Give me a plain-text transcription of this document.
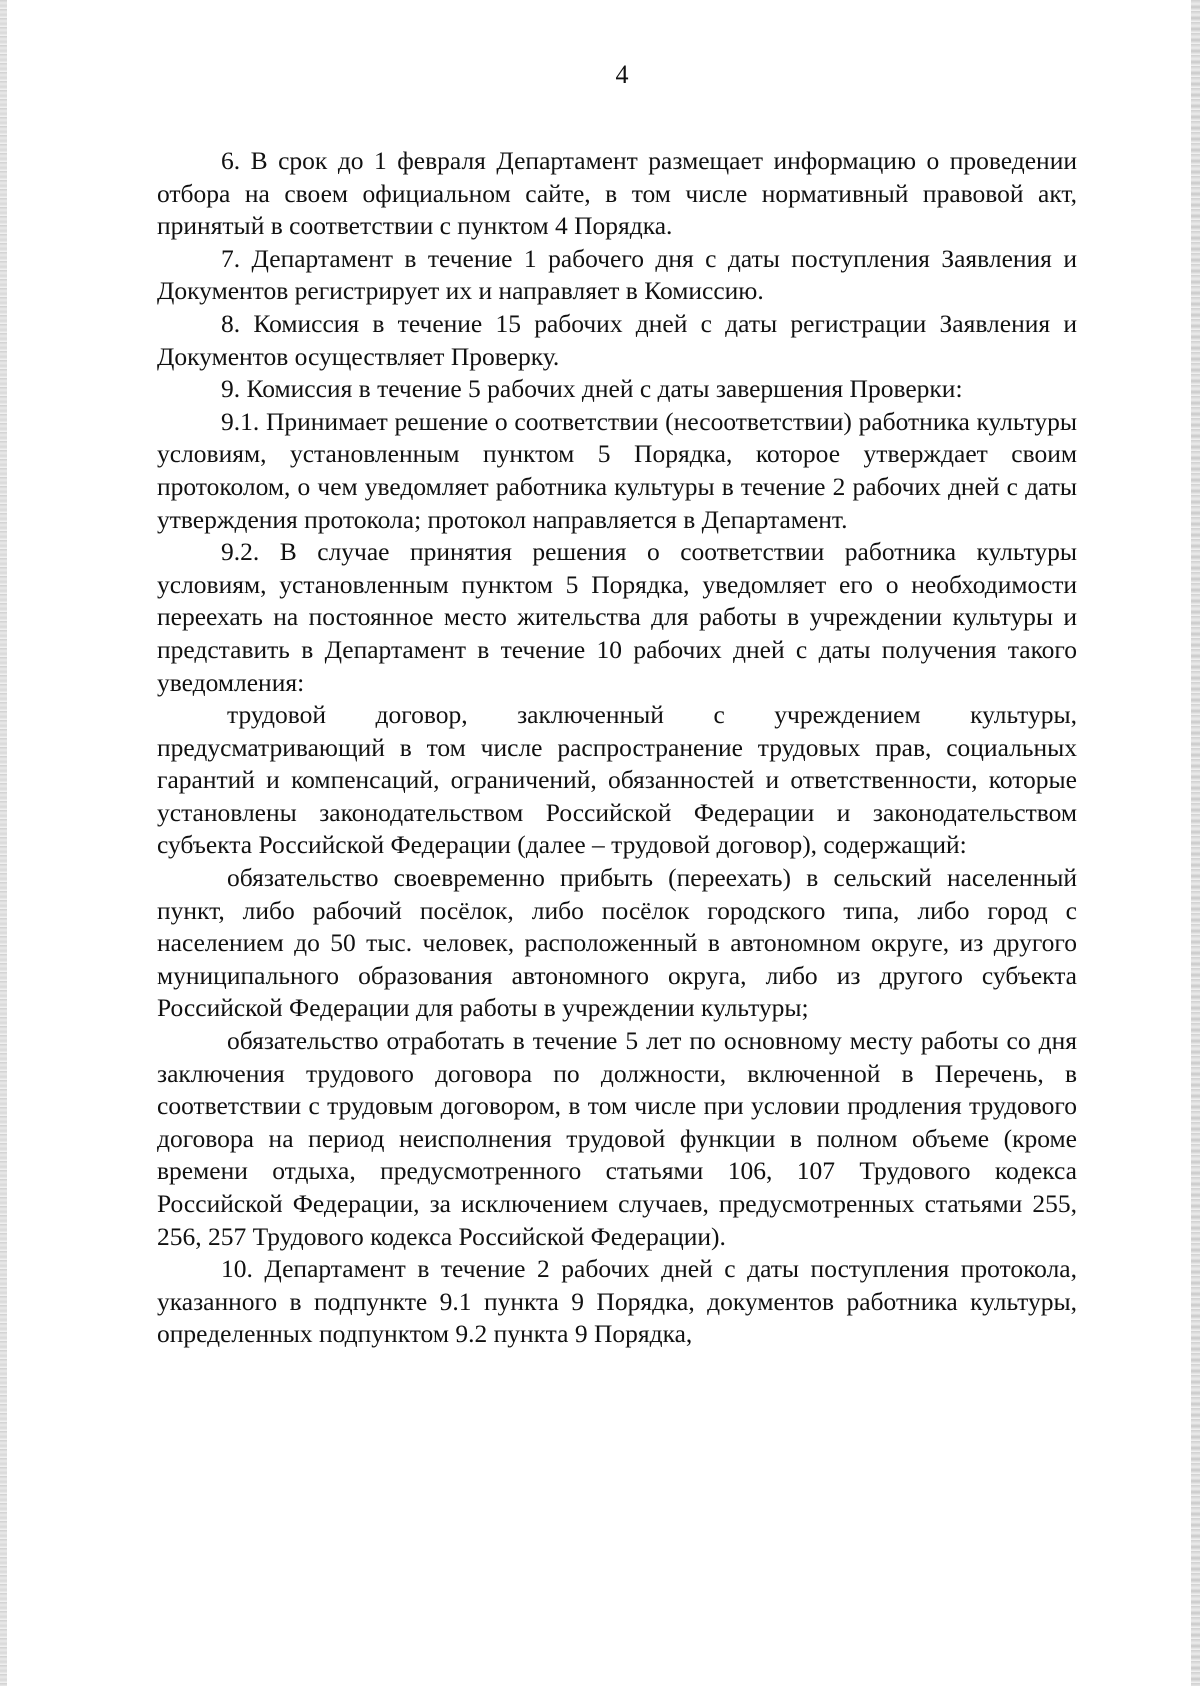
4

6. В срок до 1 февраля Департамент размещает информацию о проведении отбора на своем официальном сайте, в том числе нормативный правовой акт, принятый в соответствии с пунктом 4 Порядка.

7. Департамент в течение 1 рабочего дня с даты поступления Заявления и Документов регистрирует их и направляет в Комиссию.

8. Комиссия в течение 15 рабочих дней с даты регистрации Заявления и Документов осуществляет Проверку.

9. Комиссия в течение 5 рабочих дней с даты завершения Проверки:

9.1. Принимает решение о соответствии (несоответствии) работника культуры условиям, установленным пунктом 5 Порядка, которое утверждает своим протоколом, о чем уведомляет работника культуры в течение 2 рабочих дней с даты утверждения протокола; протокол направляется в Департамент.

9.2. В случае принятия решения о соответствии работника культуры условиям, установленным пунктом 5 Порядка, уведомляет его о необходимости переехать на постоянное место жительства для работы в учреждении культуры и представить в Департамент в течение 10 рабочих дней с даты получения такого уведомления:

трудовой договор, заключенный с учреждением культуры, предусматривающий в том числе распространение трудовых прав, социальных гарантий и компенсаций, ограничений, обязанностей и ответственности, которые установлены законодательством Российской Федерации и законодательством субъекта Российской Федерации (далее – трудовой договор), содержащий:

обязательство своевременно прибыть (переехать) в сельский населенный пункт, либо рабочий посёлок, либо посёлок городского типа, либо город с населением до 50 тыс. человек, расположенный в автономном округе, из другого муниципального образования автономного округа, либо из другого субъекта Российской Федерации для работы в учреждении культуры;

обязательство отработать в течение 5 лет по основному месту работы со дня заключения трудового договора по должности, включенной в Перечень, в соответствии с трудовым договором, в том числе при условии продления трудового договора на период неисполнения трудовой функции в полном объеме (кроме времени отдыха, предусмотренного статьями 106, 107 Трудового кодекса Российской Федерации, за исключением случаев, предусмотренных статьями 255, 256, 257 Трудового кодекса Российской Федерации).

10. Департамент в течение 2 рабочих дней с даты поступления протокола, указанного в подпункте 9.1 пункта 9 Порядка, документов работника культуры, определенных подпунктом 9.2 пункта 9 Порядка,
